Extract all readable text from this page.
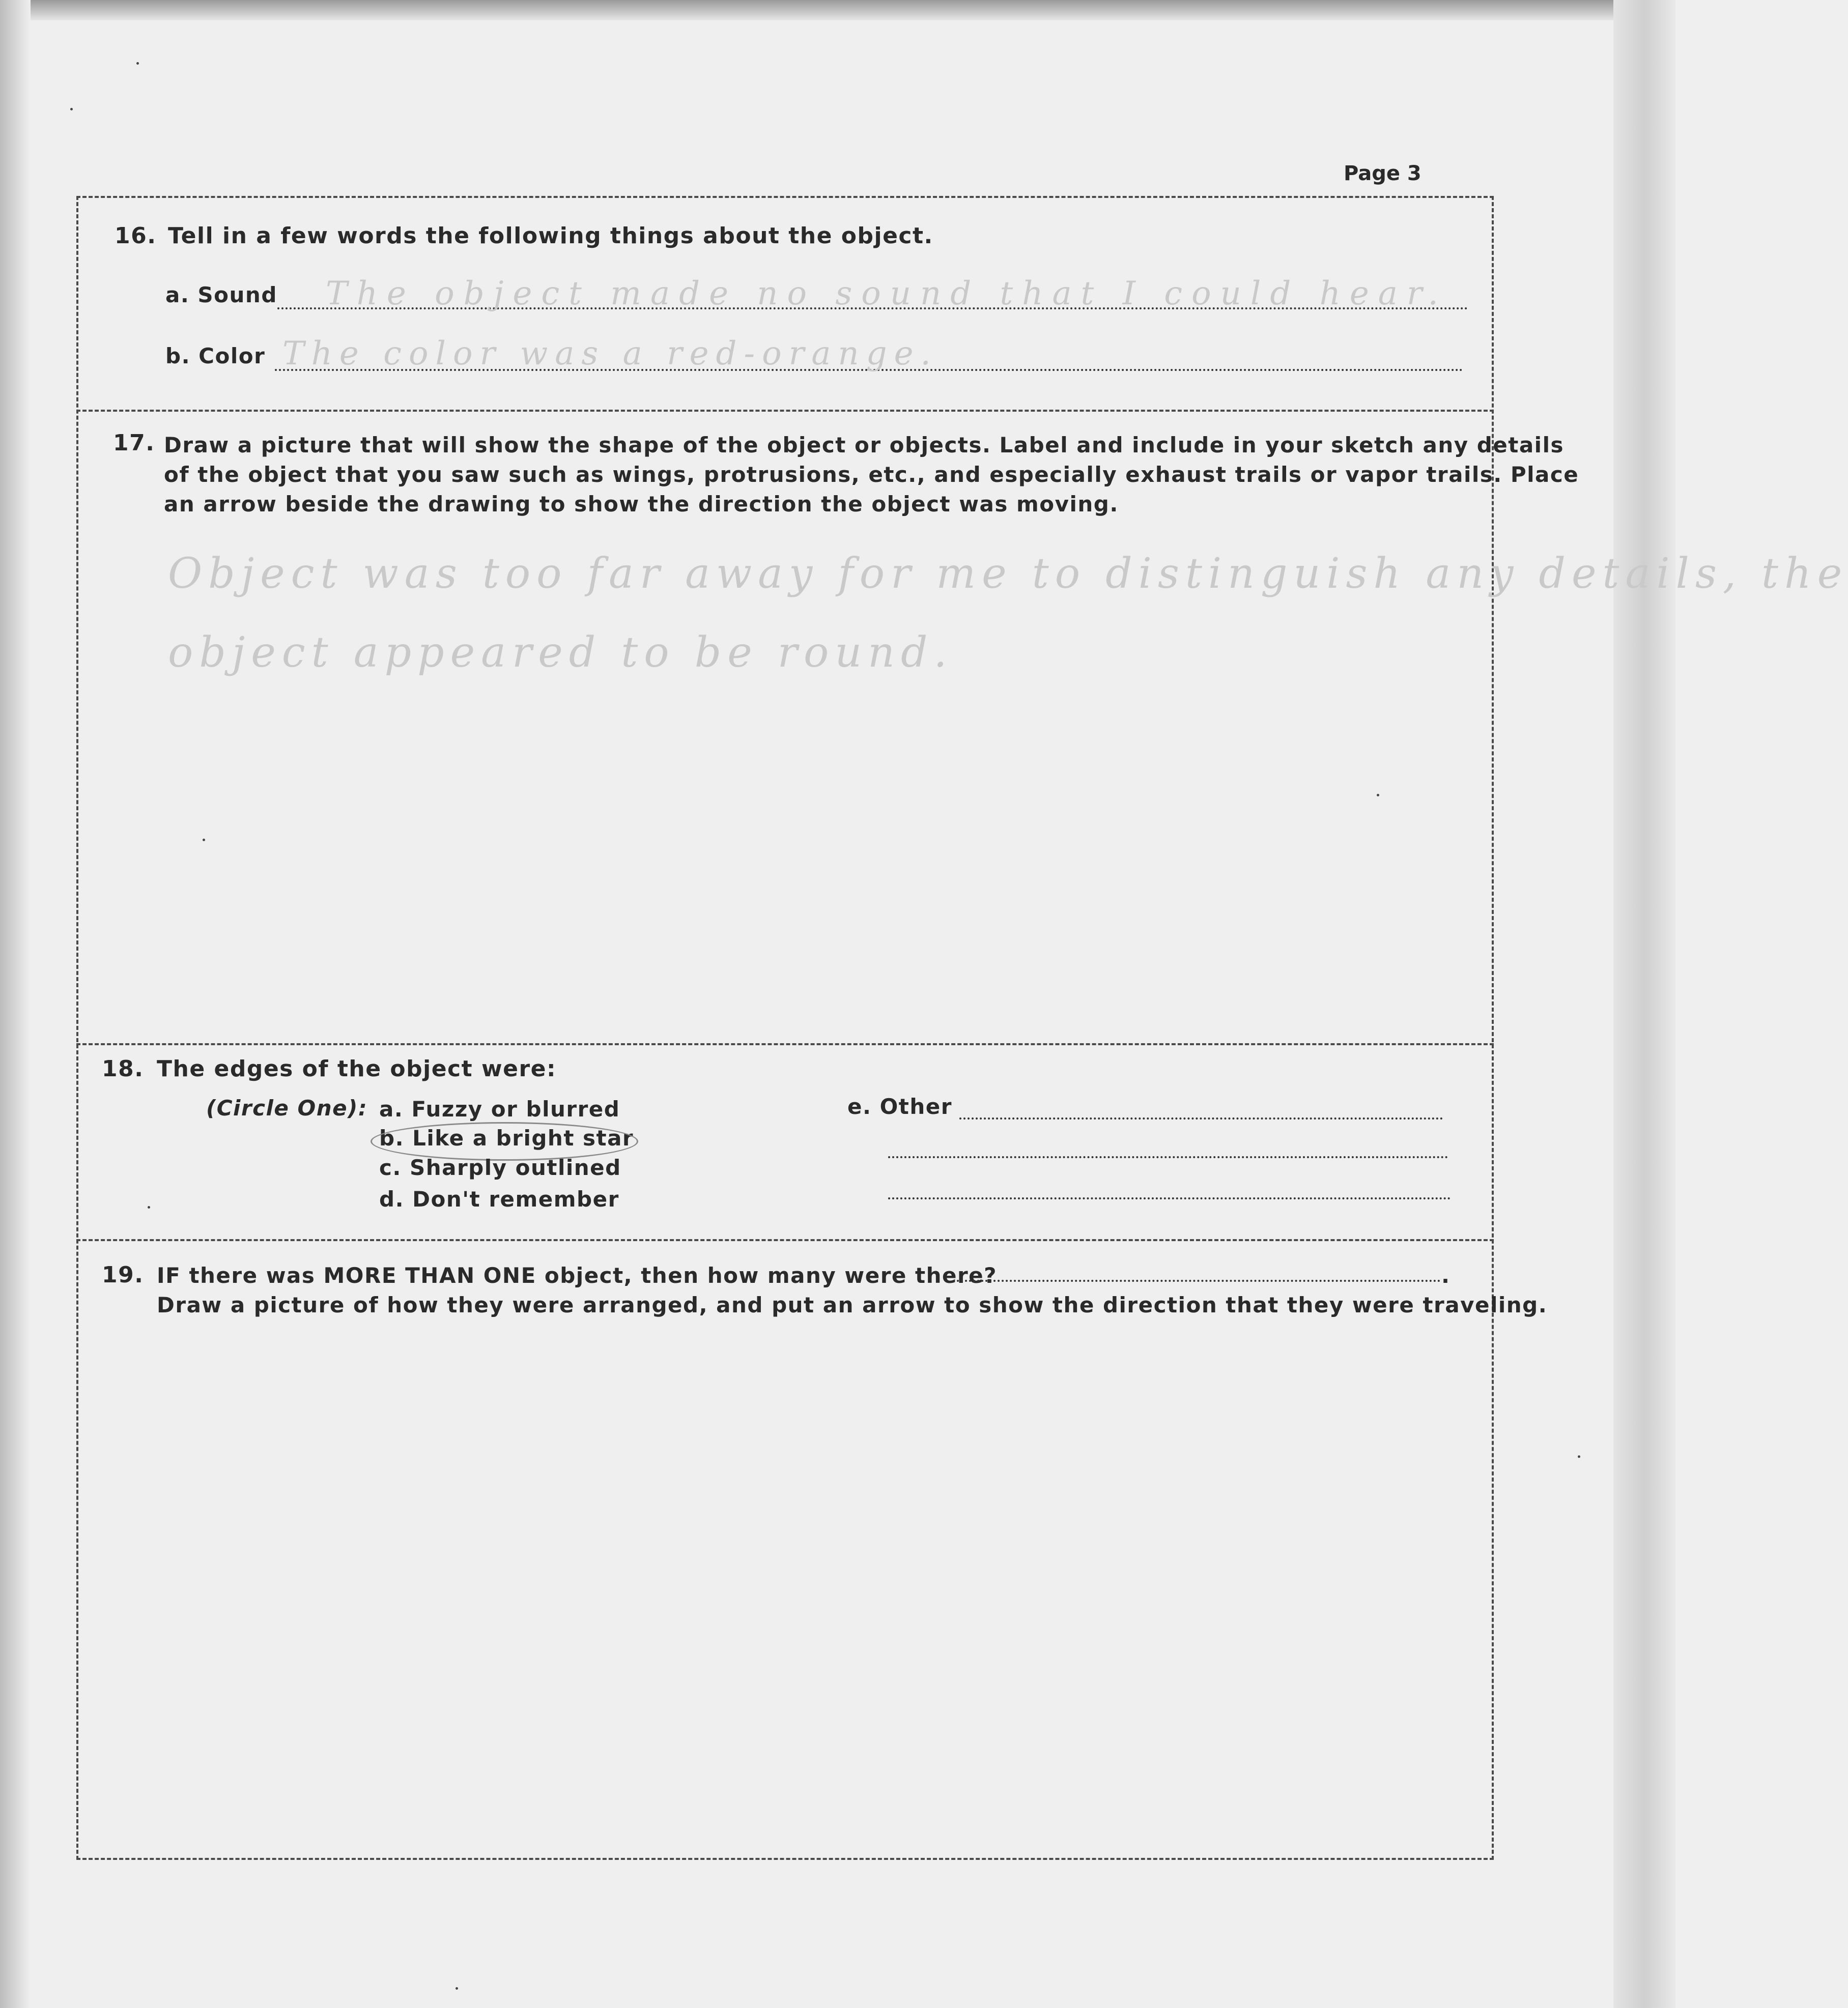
Page 3
16. Tell in a few words the following things about the object.
a. Sound The object made no sound that I could hear.
b. Color The color was a red-orange.
17. Draw a picture that will show the shape of the object or objects. Label and include in your sketch any details
of the object that you saw such as wings, protrusions, etc., and especially exhaust trails or vapor trails. Place
an arrow beside the drawing to show the direction the object was moving.
Object was too far away for me to distinguish any details, the
object appeared to be round.
18. The edges of the object were:
(Circle One): a. Fuzzy or blurred
b. Like a bright star
c. Sharply outlined
d. Don't remember
e. Other
19. IF there was MORE THAN ONE object, then how many were there?	.
Draw a picture of how they were arranged, and put an arrow to show the direction that they were traveling.
